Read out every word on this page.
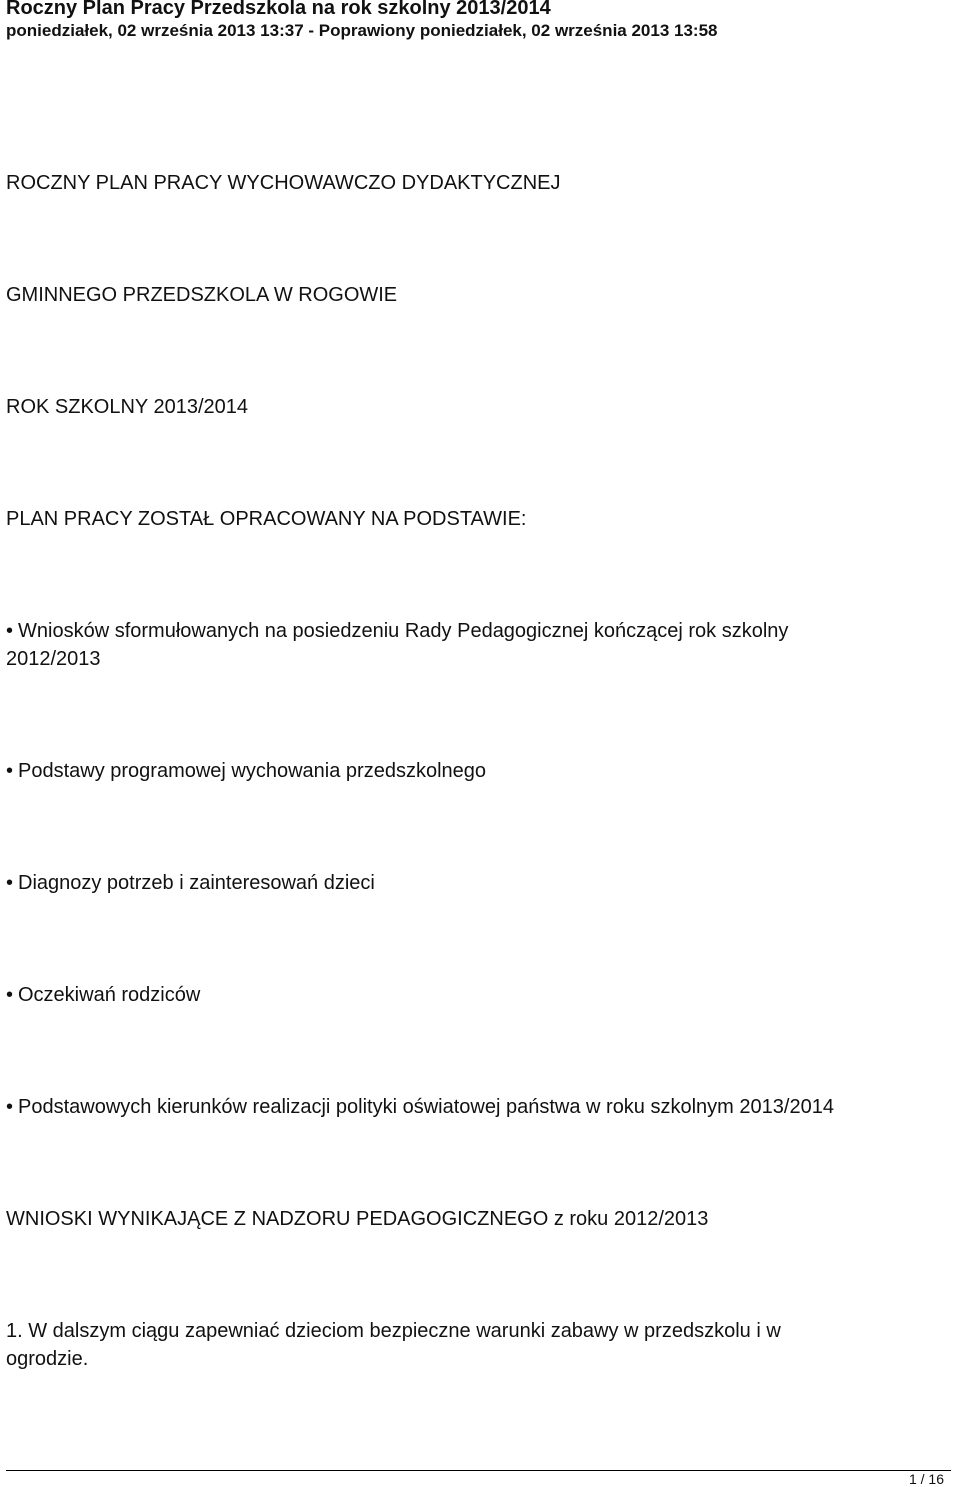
Roczny Plan Pracy Przedszkola na rok szkolny 2013/2014
poniedziałek, 02 września 2013 13:37 - Poprawiony poniedziałek, 02 września 2013 13:58
ROCZNY PLAN PRACY WYCHOWAWCZO DYDAKTYCZNEJ
GMINNEGO PRZEDSZKOLA W ROGOWIE
ROK SZKOLNY 2013/2014
PLAN PRACY ZOSTAŁ OPRACOWANY NA PODSTAWIE:
• Wniosków sformułowanych na posiedzeniu Rady Pedagogicznej kończącej rok szkolny
2012/2013
• Podstawy programowej wychowania przedszkolnego
• Diagnozy potrzeb i zainteresowań dzieci
• Oczekiwań rodziców
• Podstawowych kierunków realizacji polityki oświatowej państwa w roku szkolnym 2013/2014
WNIOSKI WYNIKAJĄCE Z NADZORU PEDAGOGICZNEGO z roku 2012/2013
1. W dalszym ciągu zapewniać dzieciom bezpieczne warunki zabawy w przedszkolu i w
ogrodzie.
1 / 16
